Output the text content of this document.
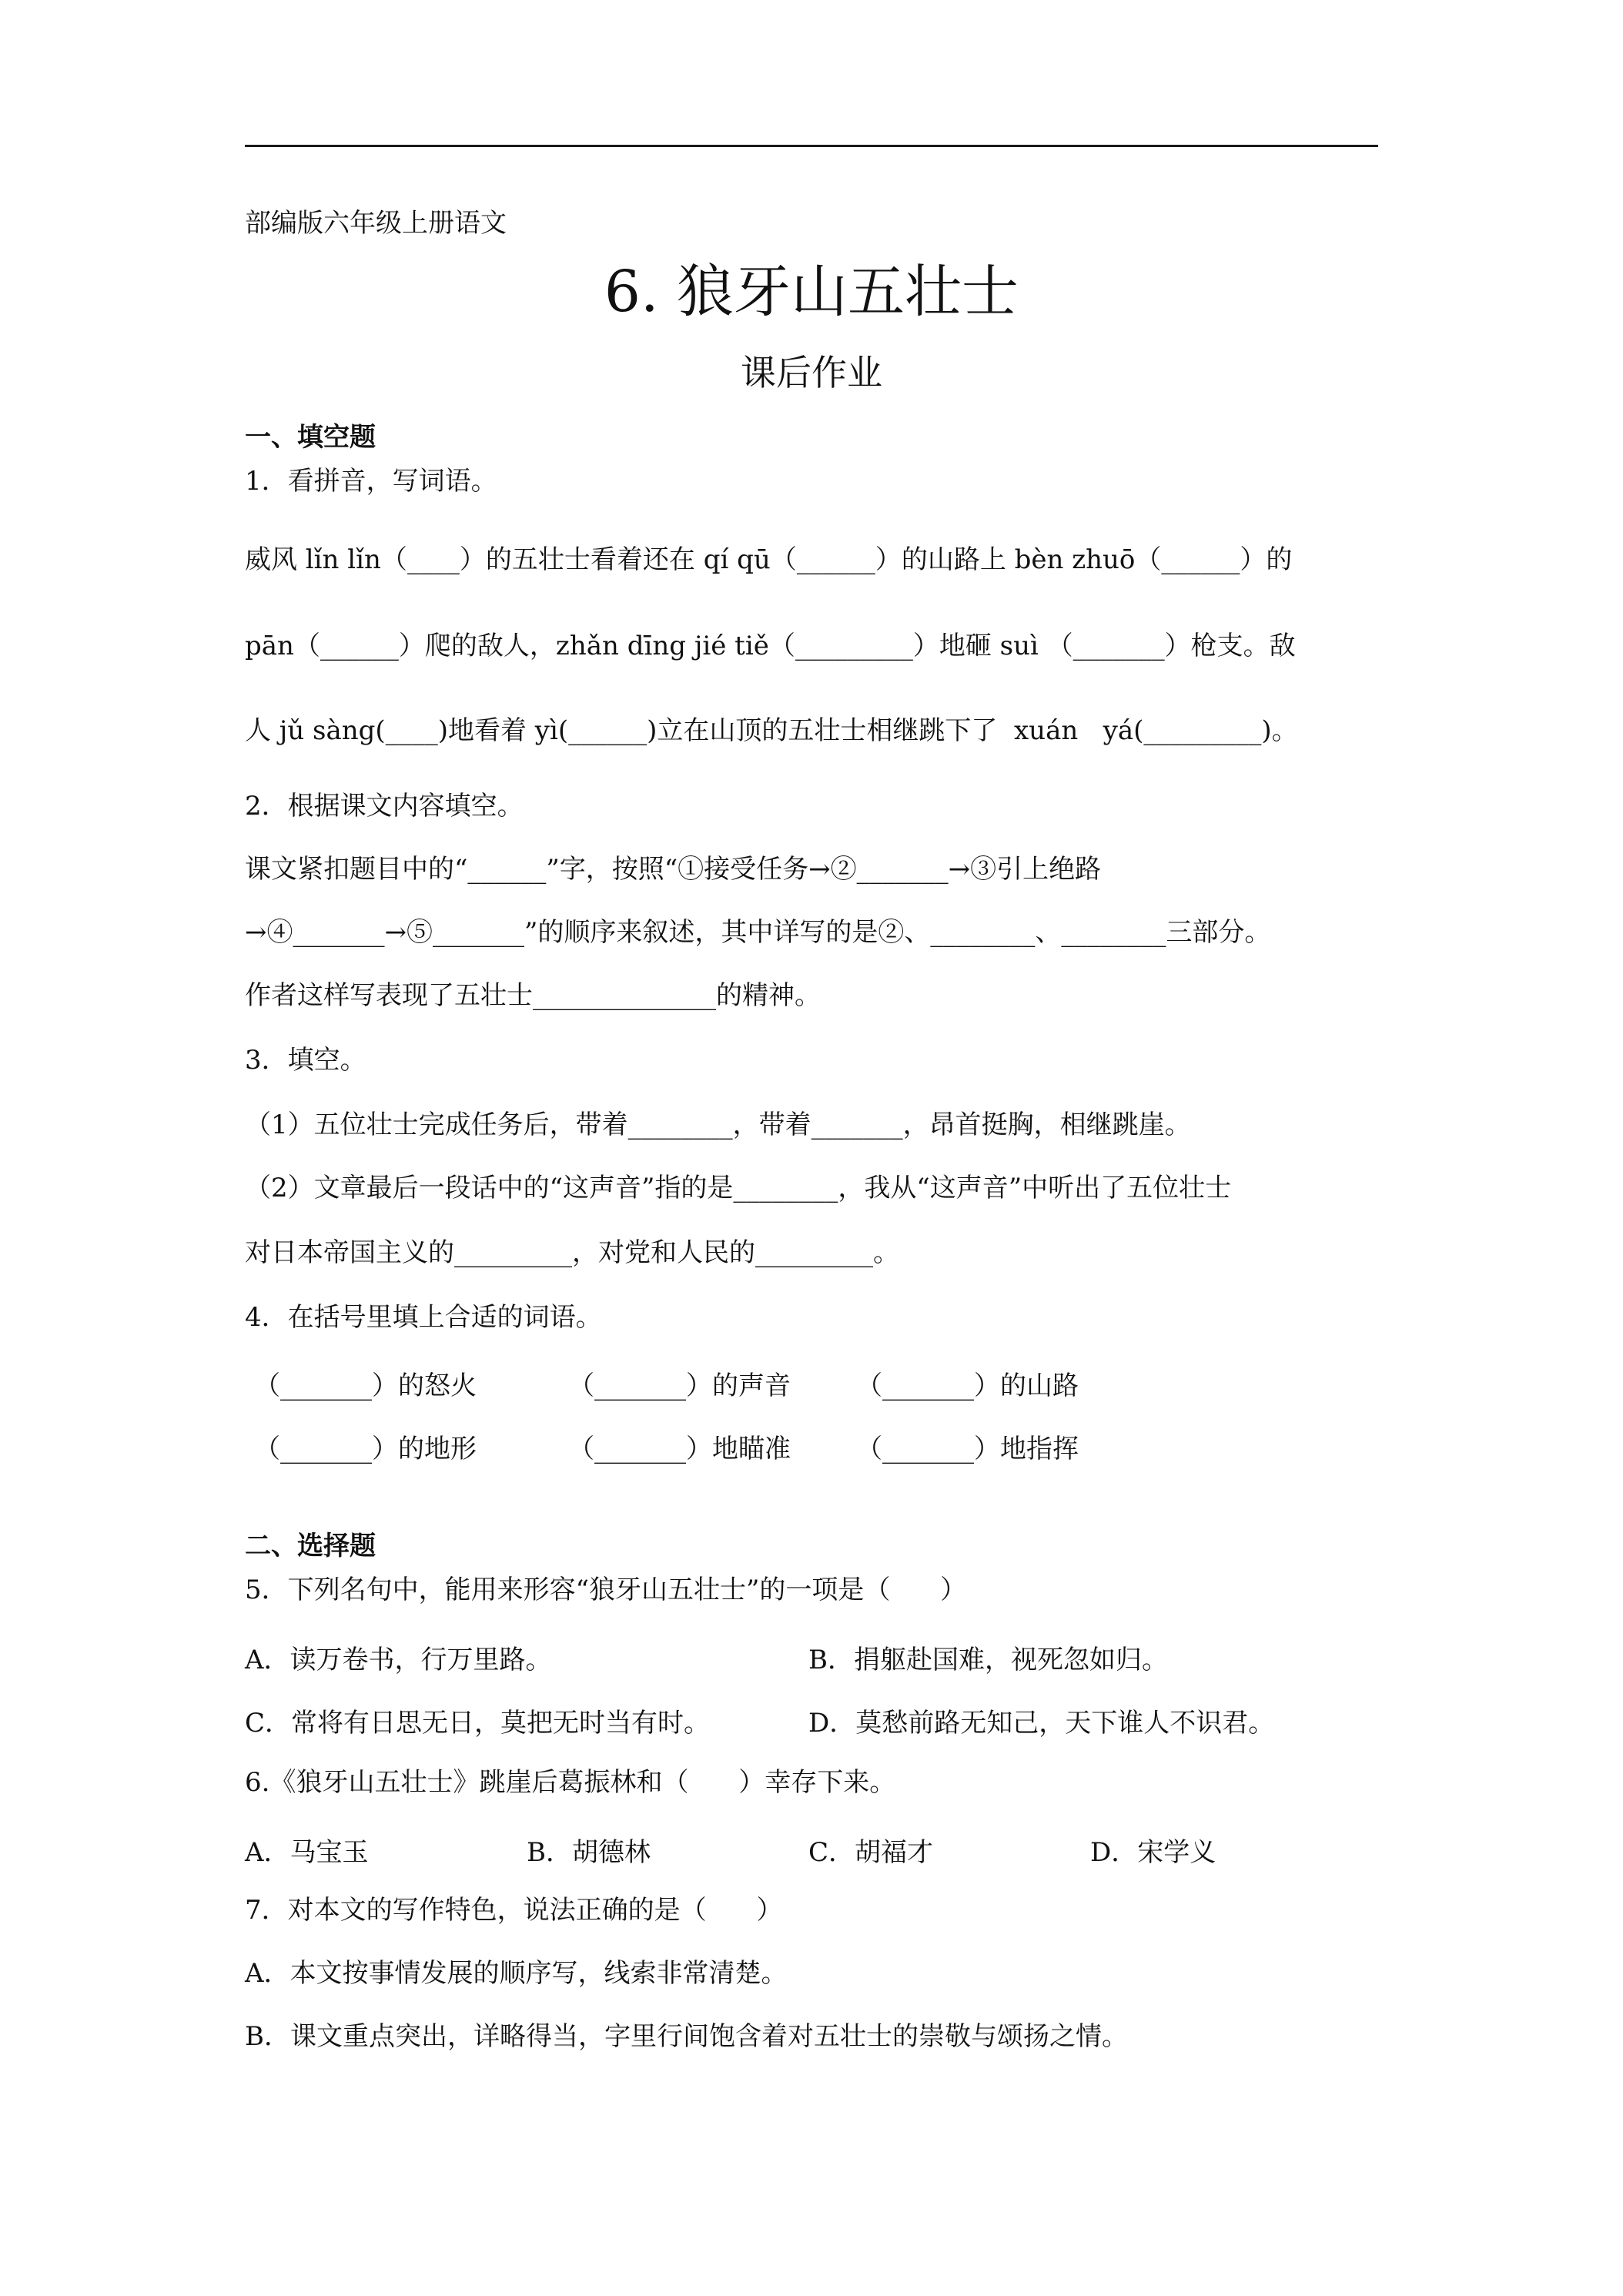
部编版六年级上册语文
6. 狼牙山五壮士
课后作业
一、填空题
1．看拼音，写词语。
威风 lǐn lǐn（____）的五壮士看着还在 qí qū（______）的山路上 bèn zhuō（______）的
pān（______）爬的敌人，zhǎn dīng jié tiě（_________）地砸 suì （_______）枪支。敌
人 jǔ sàng(____)地看着 yì(______)立在山顶的五壮士相继跳下了  xuán   yá(_________)。
2．根据课文内容填空。
课文紧扣题目中的“______”字，按照“①接受任务→②_______→③引上绝路
→④_______→⑤_______”的顺序来叙述，其中详写的是②、________、________三部分。
作者这样写表现了五壮士______________的精神。
3．填空。
（1）五位壮士完成任务后，带着________，带着_______，昂首挺胸，相继跳崖。
（2）文章最后一段话中的“这声音”指的是________，我从“这声音”中听出了五位壮士
对日本帝国主义的_________，对党和人民的_________。
4．在括号里填上合适的词语。
（_______）的怒火	（_______）的声音	（_______）的山路
（_______）的地形	（_______）地瞄准	（_______）地指挥
二、选择题
5．下列名句中，能用来形容“狼牙山五壮士”的一项是（      ）
A．读万卷书，行万里路。	B．捐躯赴国难，视死忽如归。
C．常将有日思无日，莫把无时当有时。	D．莫愁前路无知己，天下谁人不识君。
6.《狼牙山五壮士》跳崖后葛振林和（      ）幸存下来。
A．马宝玉	B．胡德林	C．胡福才	D．宋学义
7．对本文的写作特色，说法正确的是（      ）
A．本文按事情发展的顺序写，线索非常清楚。
B．课文重点突出，详略得当，字里行间饱含着对五壮士的崇敬与颂扬之情。
